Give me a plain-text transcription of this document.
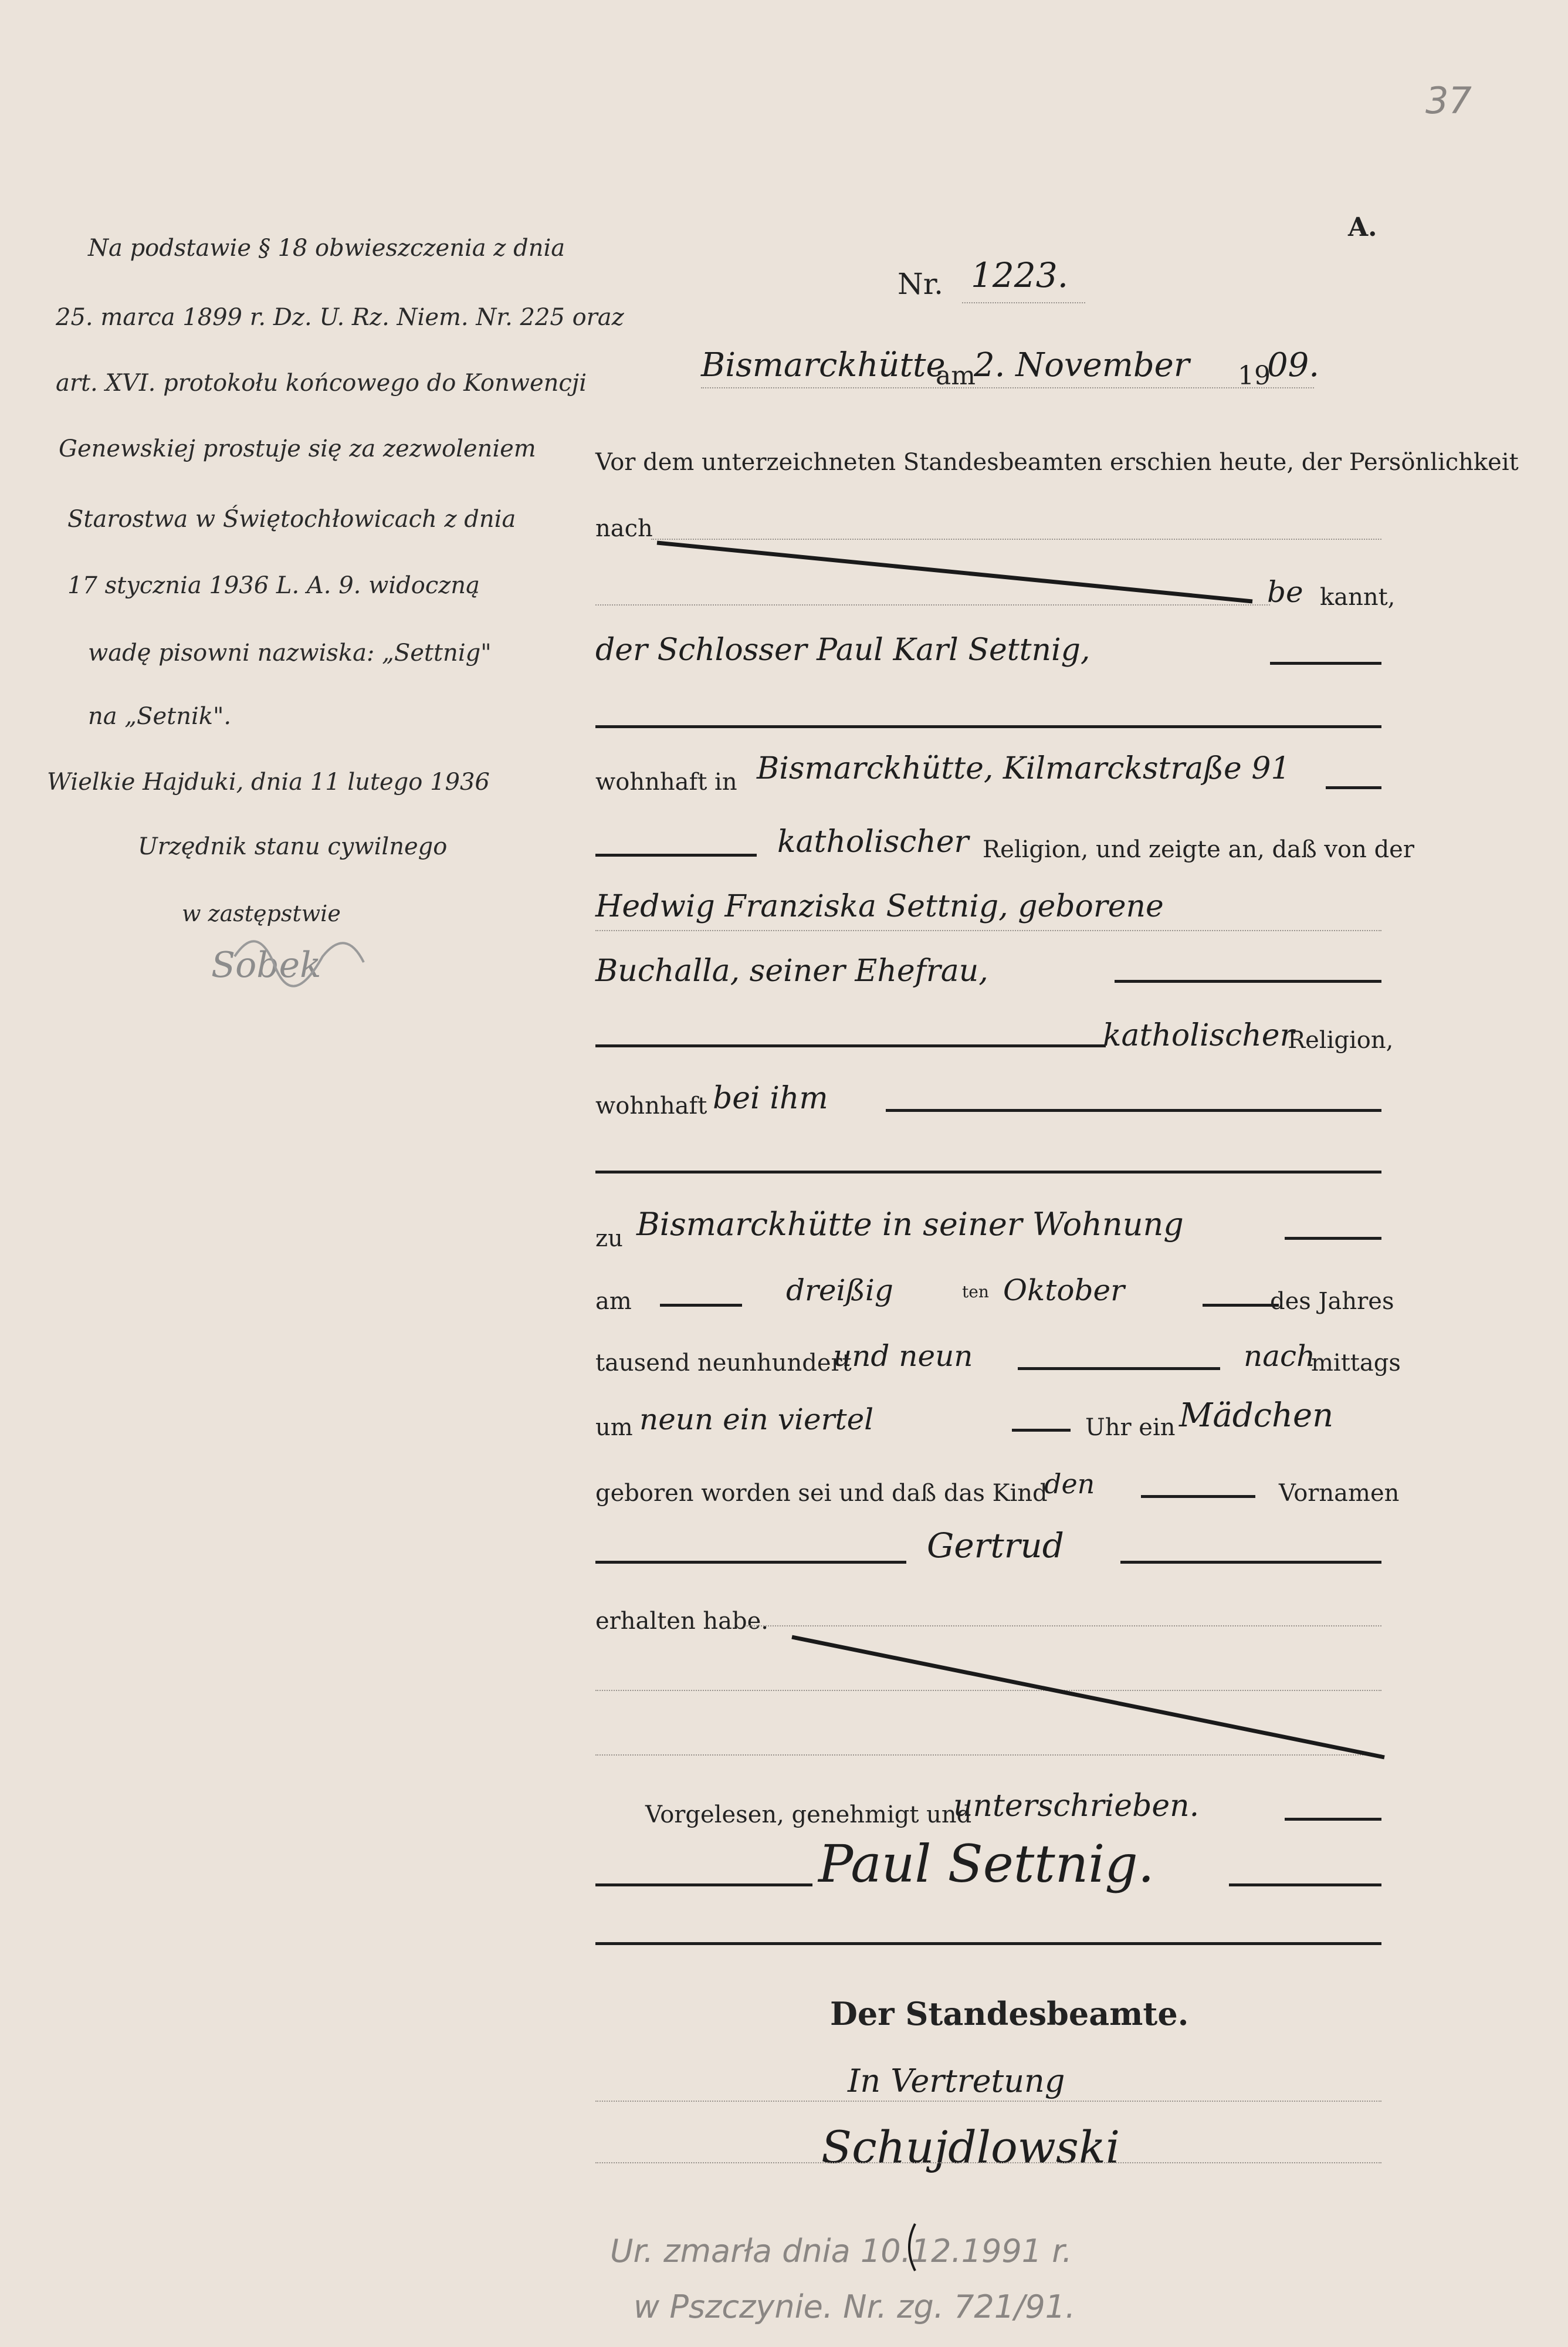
37
A.
Na podstawie § 18 obwieszczenia z dnia
25. marca 1899 r. Dz. U. Rz. Niem. Nr. 225 oraz
art. XVI. protokołu końcowego do Konwencji
Genewskiej prostuje się za zezwoleniem
Starostwa w Świętochłowicach z dnia
17 stycznia 1936 L. A. 9. widoczną
wadę pisowni nazwiska: „Settnig"
na „Setnik".
Wielkie Hajduki, dnia 11 lutego 1936
Urzędnik stanu cywilnego
w zastępstwie
Sobek
Nr. 1223.
Bismarckhütte
am
2. November 19
09.
Vor dem unterzeichneten Standesbeamten erschien heute, der Persönlichkeit
nach
be kannt,
der Schlosser Paul Karl Settnig,
wohnhaft in Bismarckhütte, Kilmarckstraße 91
katholischer Religion, und zeigte an, daß von der
Hedwig Franziska Settnig, geborene
Buchalla, seiner Ehefrau,
katholischer
Religion,
wohnhaft bei ihm
zu Bismarckhütte in seiner Wohnung
am	dreißig	ten Oktober	des Jahres
tausend neunhundert
und neun	nach
mittags
um neun ein viertel	Uhr ein Mädchen
geboren worden sei und daß das Kind
den	Vornamen
Gertrud
erhalten habe.
Vorgelesen, genehmigt und
unterschrieben.
Paul Settnig.
Der Standesbeamte.
In Vertretung
Schujdlowski
Ur. zmarła dnia 10.12.1991 r.
w Pszczynie. Nr. zg. 721/91.
